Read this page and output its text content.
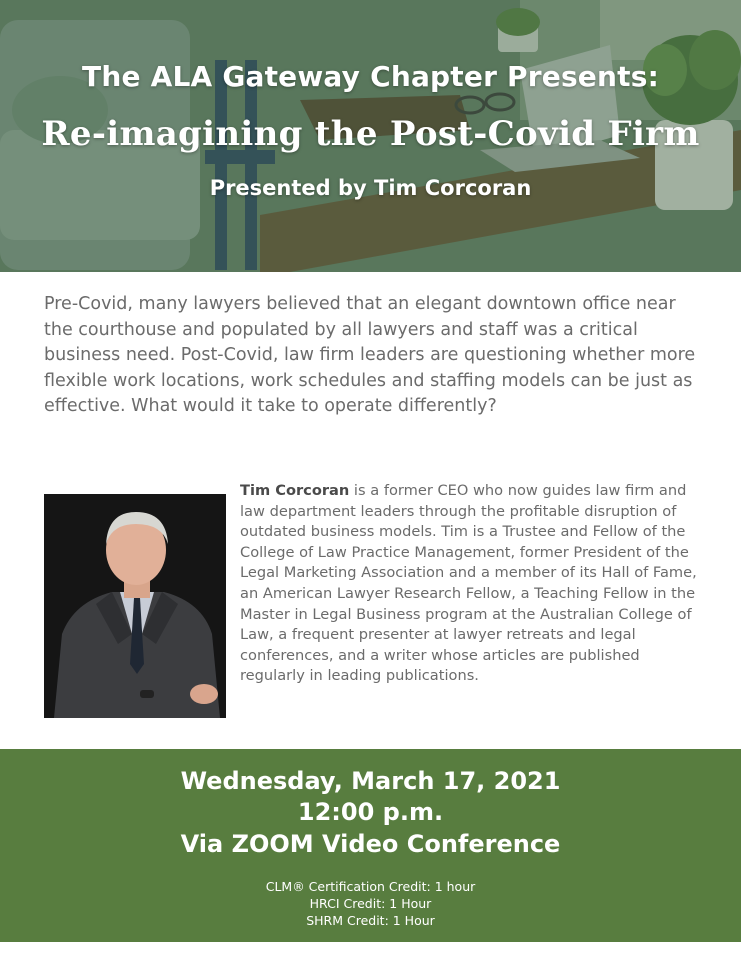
The ALA Gateway Chapter Presents:
Re-imagining the Post-Covid Firm
Presented by Tim Corcoran

Pre-Covid, many lawyers believed that an elegant downtown office near the courthouse and populated by all lawyers and staff was a critical business need. Post-Covid, law firm leaders are questioning whether more flexible work locations, work schedules and staffing models can be just as effective. What would it take to operate differently?

Tim Corcoran is a former CEO who now guides law firm and law department leaders through the profitable disruption of outdated business models. Tim is a Trustee and Fellow of the College of Law Practice Management, former President of the Legal Marketing Association and a member of its Hall of Fame, an American Lawyer Research Fellow, a Teaching Fellow in the Master in Legal Business program at the Australian College of Law, a frequent presenter at lawyer retreats and legal conferences, and a writer whose articles are published regularly in leading publications.

Wednesday, March 17, 2021
12:00 p.m.
Via ZOOM Video Conference
CLM® Certification Credit: 1 hour
HRCI Credit: 1 Hour
SHRM Credit: 1 Hour
